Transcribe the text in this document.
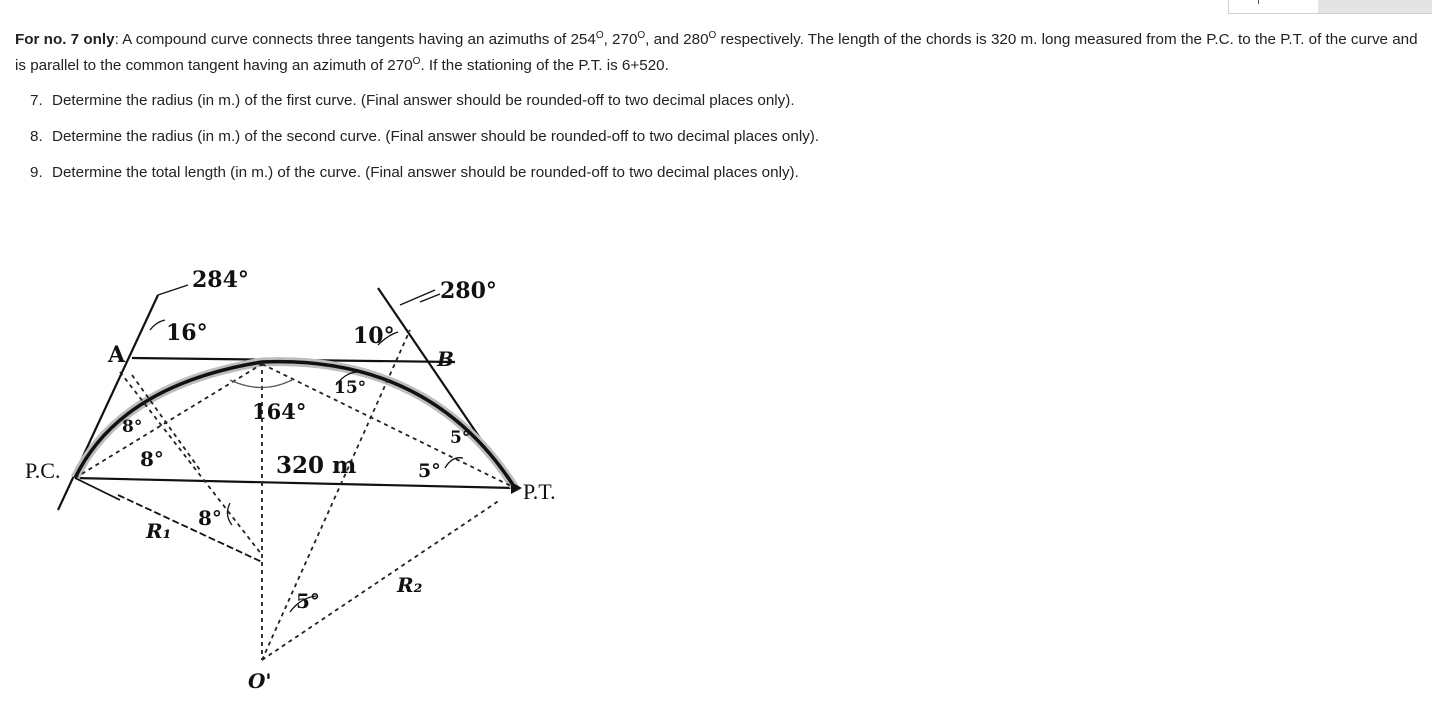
For no. 7 only: A compound curve connects three tangents having an azimuths of $254^O$, $270^O$, and $280^O$ respectively. The length of the chords is 320 m. long measured from the P.C. to the P.T. of the curve and is parallel to the common tangent having an azimuth of $270^O$. If the stationing of the P.T. is 6+520.

7. Determine the radius (in m.) of the first curve. (Final answer should be rounded-off to two decimal places only).

8. Determine the radius (in m.) of the second curve. (Final answer should be rounded-off to two decimal places only).

9. Determine the total length (in m.) of the curve. (Final answer should be rounded-off to two decimal places only).

284°	280°
16°	10°
A	B
164°
320 m
P.C.
P.T.
8°
8°
8°
15°
5°
5°
5°
R₁
R₂
O'
